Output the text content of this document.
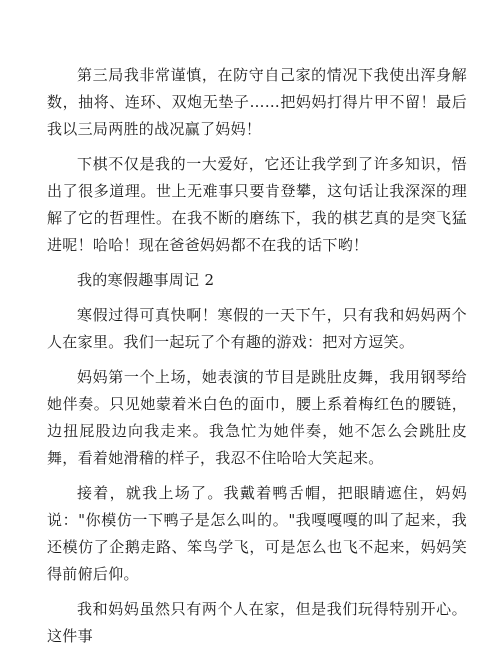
第三局我非常谨慎，在防守自己家的情况下我使出浑身解数，抽将、连环、双炮无垫子……把妈妈打得片甲不留！最后我以三局两胜的战况赢了妈妈！

下棋不仅是我的一大爱好，它还让我学到了许多知识，悟出了很多道理。世上无难事只要肯登攀，这句话让我深深的理解了它的哲理性。在我不断的磨练下，我的棋艺真的是突飞猛进呢！哈哈！现在爸爸妈妈都不在我的话下哟！

我的寒假趣事周记 2

寒假过得可真快啊！寒假的一天下午，只有我和妈妈两个人在家里。我们一起玩了个有趣的游戏：把对方逗笑。

妈妈第一个上场，她表演的节目是跳肚皮舞，我用钢琴给她伴奏。只见她蒙着米白色的面巾，腰上系着梅红色的腰链，边扭屁股边向我走来。我急忙为她伴奏，她不怎么会跳肚皮舞，看着她滑稽的样子，我忍不住哈哈大笑起来。

接着，就我上场了。我戴着鸭舌帽，把眼睛遮住，妈妈说："你模仿一下鸭子是怎么叫的。"我嘎嘎嘎的叫了起来，我还模仿了企鹅走路、笨鸟学飞，可是怎么也飞不起来，妈妈笑得前俯后仰。

我和妈妈虽然只有两个人在家，但是我们玩得特别开心。这件事
